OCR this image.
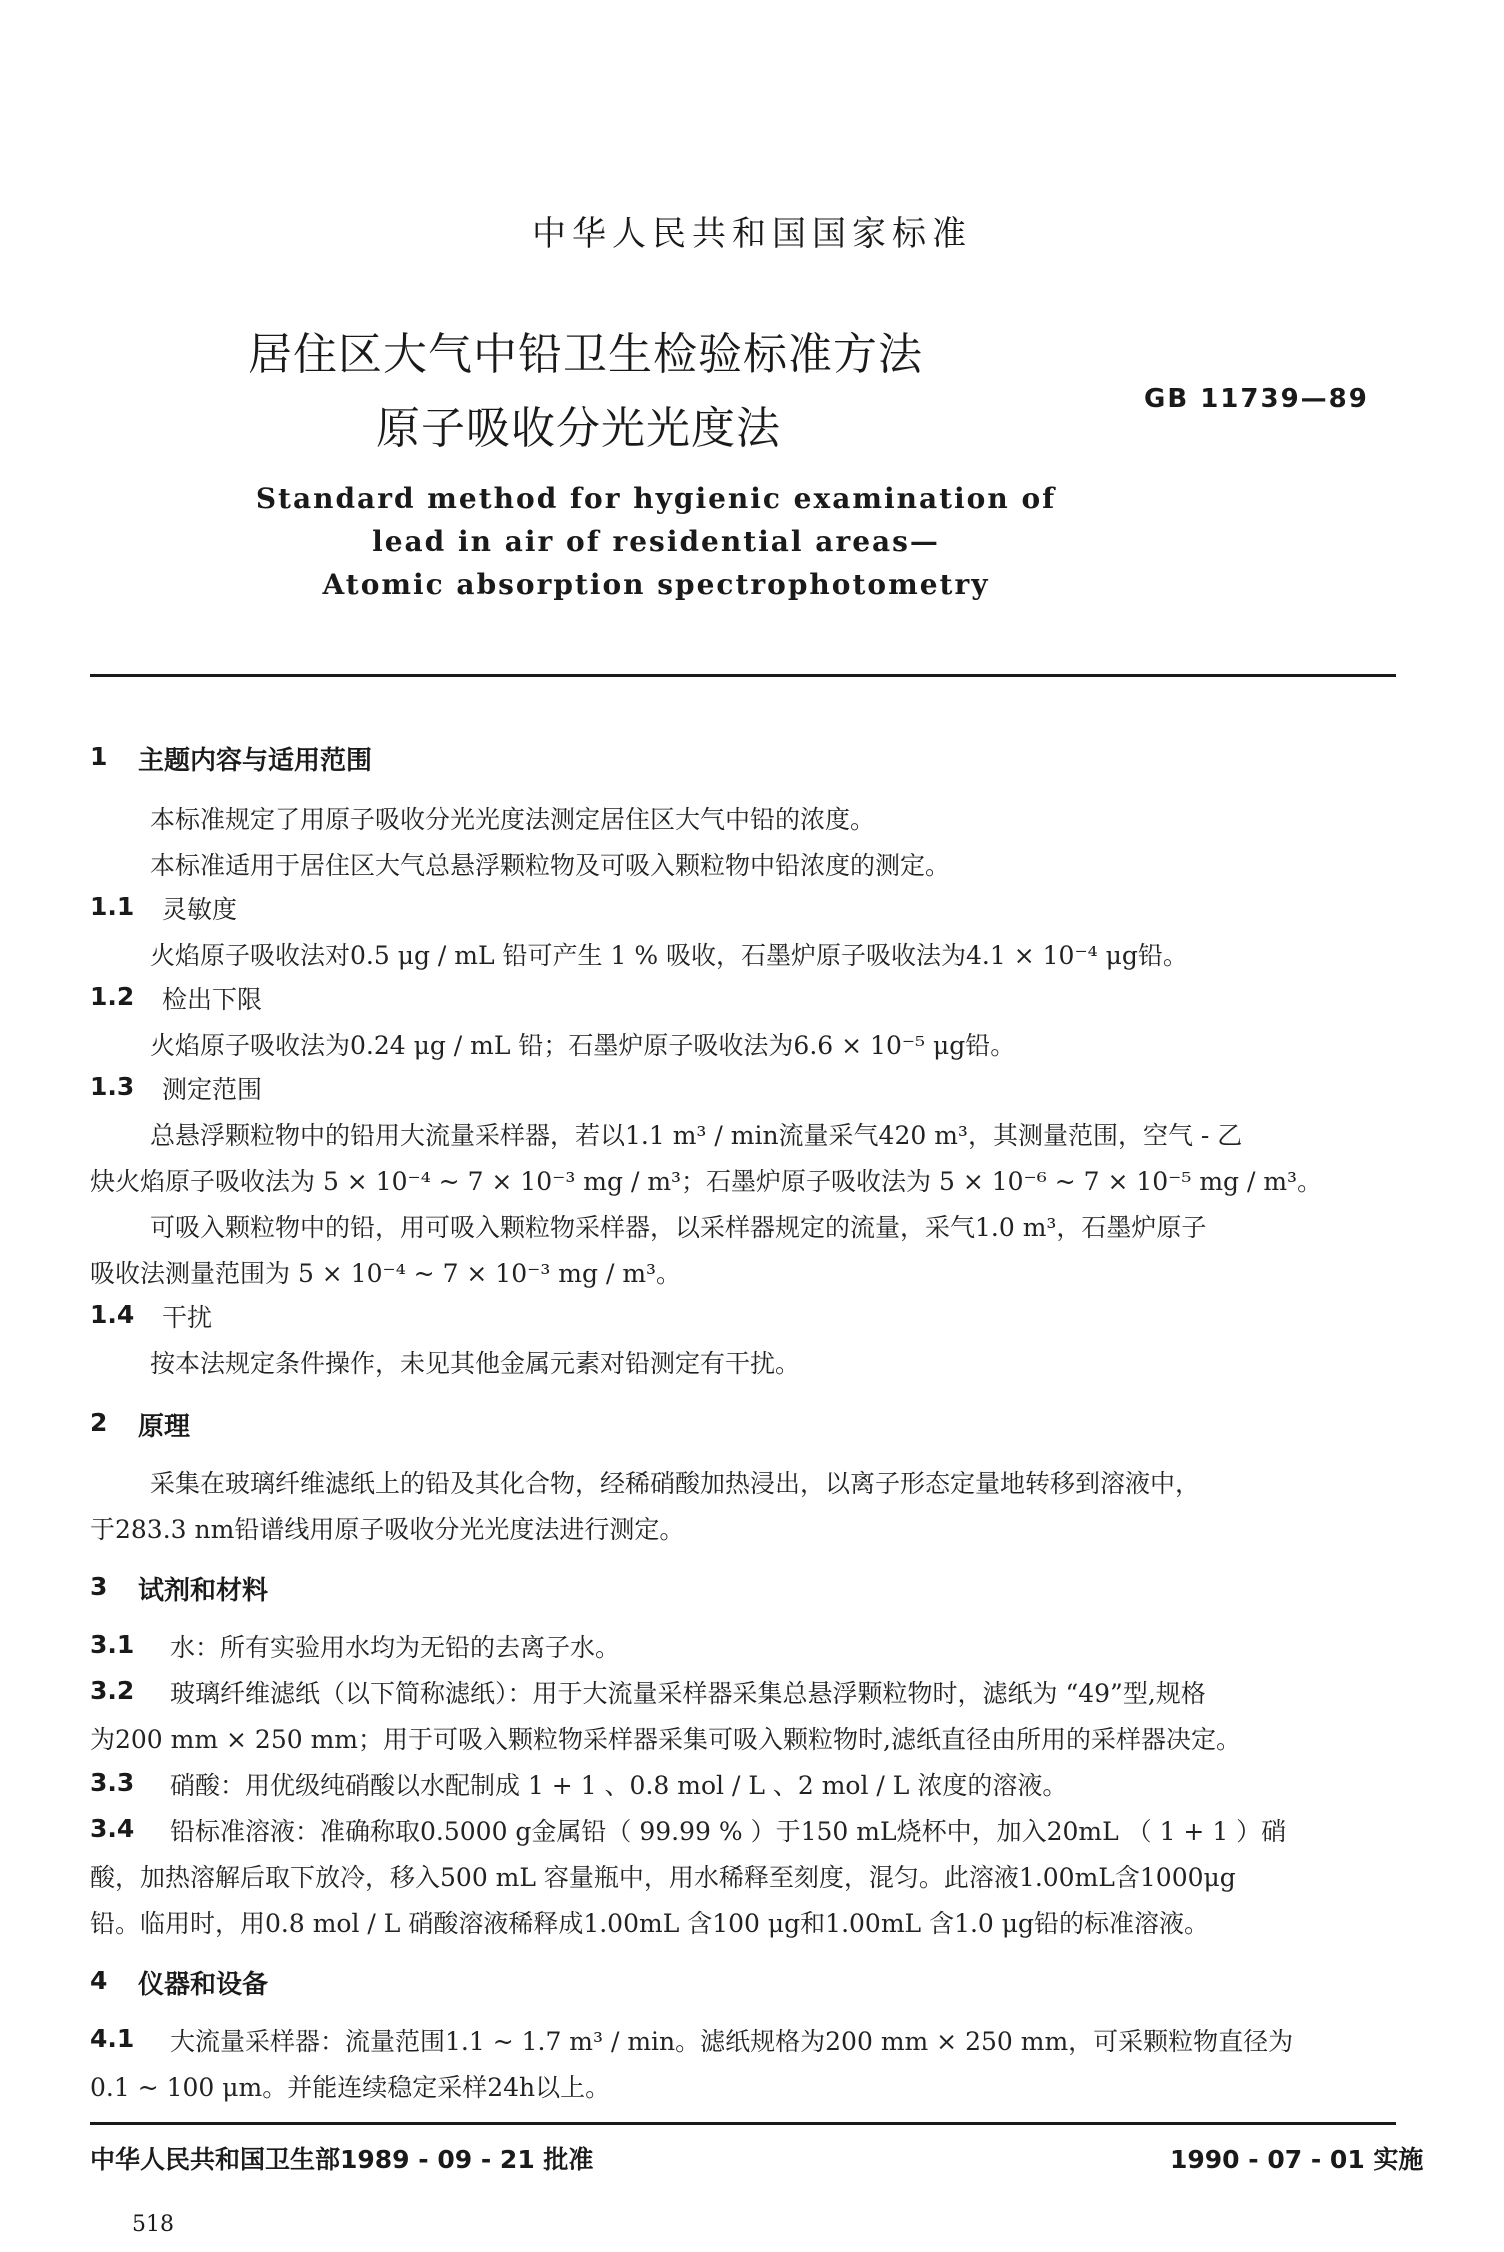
中华人民共和国国家标准
居住区大气中铅卫生检验标准方法
原子吸收分光光度法
GB 11739—89
Standard method for hygienic examination of
lead in air of residential areas—
Atomic absorption spectrophotometry
1 主题内容与适用范围
本标准规定了用原子吸收分光光度法测定居住区大气中铅的浓度。
本标准适用于居住区大气总悬浮颗粒物及可吸入颗粒物中铅浓度的测定。
1.1 灵敏度
火焰原子吸收法对0.5 μg / mL 铅可产生 1 % 吸收，石墨炉原子吸收法为4.1 × 10⁻⁴ μg铅。
1.2 检出下限
火焰原子吸收法为0.24 μg / mL 铅；石墨炉原子吸收法为6.6 × 10⁻⁵ μg铅。
1.3 测定范围
总悬浮颗粒物中的铅用大流量采样器，若以1.1 m³ / min流量采气420 m³，其测量范围，空气 - 乙
炔火焰原子吸收法为 5 × 10⁻⁴ ~ 7 × 10⁻³ mg / m³；石墨炉原子吸收法为 5 × 10⁻⁶ ~ 7 × 10⁻⁵ mg / m³。
可吸入颗粒物中的铅，用可吸入颗粒物采样器，以采样器规定的流量，采气1.0 m³，石墨炉原子
吸收法测量范围为 5 × 10⁻⁴ ~ 7 × 10⁻³ mg / m³。
1.4 干扰
按本法规定条件操作，未见其他金属元素对铅测定有干扰。
2 原理
采集在玻璃纤维滤纸上的铅及其化合物，经稀硝酸加热浸出，以离子形态定量地转移到溶液中，
于283.3 nm铅谱线用原子吸收分光光度法进行测定。
3 试剂和材料
3.1 水：所有实验用水均为无铅的去离子水。
3.2 玻璃纤维滤纸（以下简称滤纸）：用于大流量采样器采集总悬浮颗粒物时，滤纸为 “49”型,规格
为200 mm × 250 mm；用于可吸入颗粒物采样器采集可吸入颗粒物时,滤纸直径由所用的采样器决定。
3.3 硝酸：用优级纯硝酸以水配制成 1 + 1 、0.8 mol / L 、2 mol / L 浓度的溶液。
3.4 铅标准溶液：准确称取0.5000 g金属铅（ 99.99 % ）于150 mL烧杯中，加入20mL （ 1 + 1 ）硝
酸，加热溶解后取下放冷，移入500 mL 容量瓶中，用水稀释至刻度，混匀。此溶液1.00mL含1000μg
铅。临用时，用0.8 mol / L 硝酸溶液稀释成1.00mL 含100 μg和1.00mL 含1.0 μg铅的标准溶液。
4 仪器和设备
4.1 大流量采样器：流量范围1.1 ~ 1.7 m³ / min。滤纸规格为200 mm × 250 mm，可采颗粒物直径为
0.1 ~ 100 μm。并能连续稳定采样24h以上。
中华人民共和国卫生部1989 - 09 - 21 批准	1990 - 07 - 01 实施
518
